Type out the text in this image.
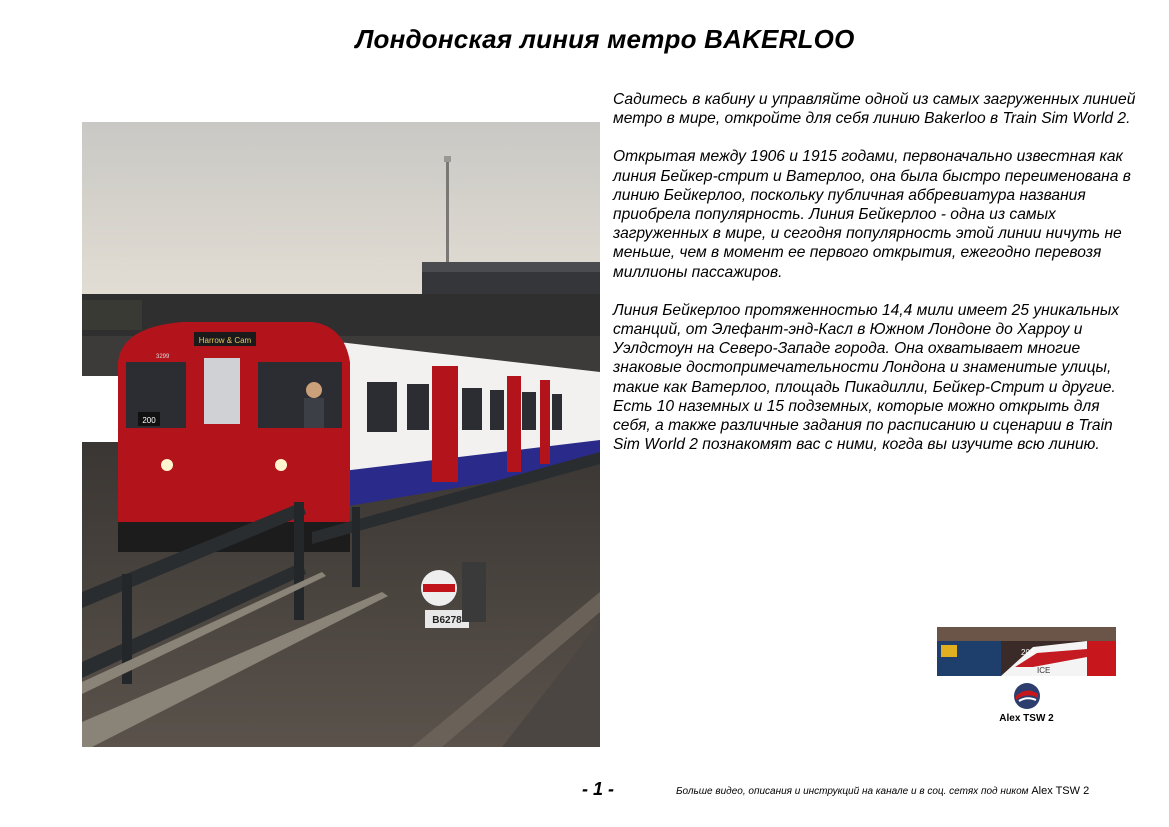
Лондонская линия метро BAKERLOO
Harrow & Cam
3299
200
B6278

Садитесь в кабину и управляйте одной из самых загруженных линией метро в мире, откройте для себя линию Bakerloo в Train Sim World 2.

Открытая между 1906 и 1915 годами, первоначально известная как линия Бейкер-стрит и Ватерлоо, она была быстро переименована в линию Бейкерлоо, поскольку публичная аббревиатура названия приобрела популярность. Линия Бейкерлоо - одна из самых загруженных в мире, и сегодня популярность этой линии ничуть не меньше, чем в момент ее первого открытия, ежегодно перевозя миллионы пассажиров.

Линия Бейкерлоо протяженностью 14,4 мили имеет 25 уникальных станций, от Элефант-энд-Касл в Южном Лондоне до Харроу и Уэлдстоун на Северо-Западе города. Она охватывает многие знаковые достопримечательности Лондона и знаменитые улицы, такие как Ватерлоо, площадь Пикадилли, Бейкер-Стрит и другие. Есть 10 наземных и 15 подземных, которые можно открыть для себя, а также различные задания по расписанию и сценарии в Train Sim World 2 познакомят вас с ними, когда вы изучите всю линию.

202
ICE
Alex TSW 2
- 1 -	Больше видео, описания и инструкций на канале и в соц. сетях под ником Alex TSW 2
